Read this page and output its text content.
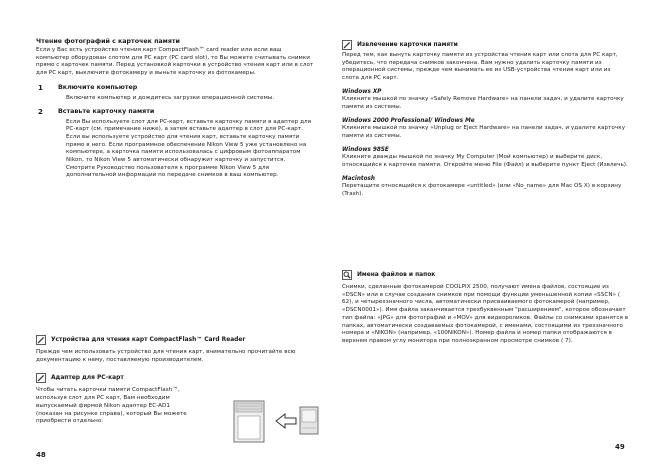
Чтение фотографий с карточек памяти

Если у Вас есть устройство чтения карт CompactFlash™ card reader или если ваш компьютер оборудован слотом для PC карт (PC card slot), то Вы можете считывать снимки прямо с карточек памяти. Перед установкой карточки в устройство чтения карт или в слот для PC карт, выключите фотокамеру и выньте карточку из фотокамеры.

1 Включите компьютер

Включите компьютер и дождитесь загрузки операционной системы.

2 Вставьте карточку памяти

Если Вы используете слот для PC-карт, вставьте карточку памяти в адаптер для PC-карт (см. примечание ниже), а затем вставьте адаптер в слот для PC-карт. Если вы используете устройство для чтения карт, вставьте карточку памяти прямо в него. Если программное обеспечение Nikon View 5 уже установлено на компьютере, а карточка памяти использовалась с цифровым фотоаппаратом Nikon, то Nikon View 5 автоматически обнаружит карточку и запустится. Смотрите Руководство пользователя к программе Nikon View 5 для дополнительной информации по передаче снимков в ваш компьютер.

Устройства для чтения карт CompactFlash™ Card Reader

Прежде чем использовать устройство для чтения карт, внимательно прочитайте всю документацию к нему, поставляемую производителем.

Адаптер для PC-карт

Чтобы читать карточки памяти CompactFlash™, используя слот для PC карт, Вам необходим выпускаемый фирмой Nikon адаптер EC-AD1 (показан на рисунке справа), который Вы можете приобрести отдельно.

48
Извлечение карточки памяти

Перед тем, как вынуть карточку памяти из устройства чтения карт или слота для PC карт, убедитесь, что передача снимков закончена. Вам нужно удалить карточку памяти из операционной системы, прежде чем вынимать ее из USB-устройства чтения карт или из слота для PC карт.

Windows XP

Кликните мышкой по значку «Safely Remove Hardware» на панели задач, и удалите карточку памяти из системы.

Windows 2000 Professional/ Windows Me

Кликните мышкой по значку «Unplug or Eject Hardware» на панели задач, и удалите карточку памяти из системы.

Windows 98SE

Кликните дважды мышкой по значку My Computer (Мой компьютер) и выберите диск, относящийся к карточке памяти. Откройте меню File (Файл) и выберите пункт Eject (Извлечь).

Macintosh

Перетащите относящийся к фотокамере «untitled» (или «No_name» для Mac OS X) в корзину (Trash).

Имена файлов и папок

Снимки, сделанные фотокамерой COOLPIX 2500, получают имена файлов, состоящие из «DSCN» или в случае создания снимков при помощи функции уменьшенной копии «SSCN» ( 62), и четырехзначного числа, автоматически присваиваемого фотокамерой (например, «DSCN0001»). Имя файла заканчивается трехбуквенным "расширением", которое обозначает тип файла: «JPG» для фотографий и «MOV» для видеороликов. Файлы со снимками хранятся в папках, автоматически создаваемых фотокамерой, с именами, состоящими из трехзначного номера и «NIKON» (например, «100NIKON»). Номер файла и номер папки отображаются в верхнем правом углу монитора при полноэкранном просмотре снимков ( 7).

49
